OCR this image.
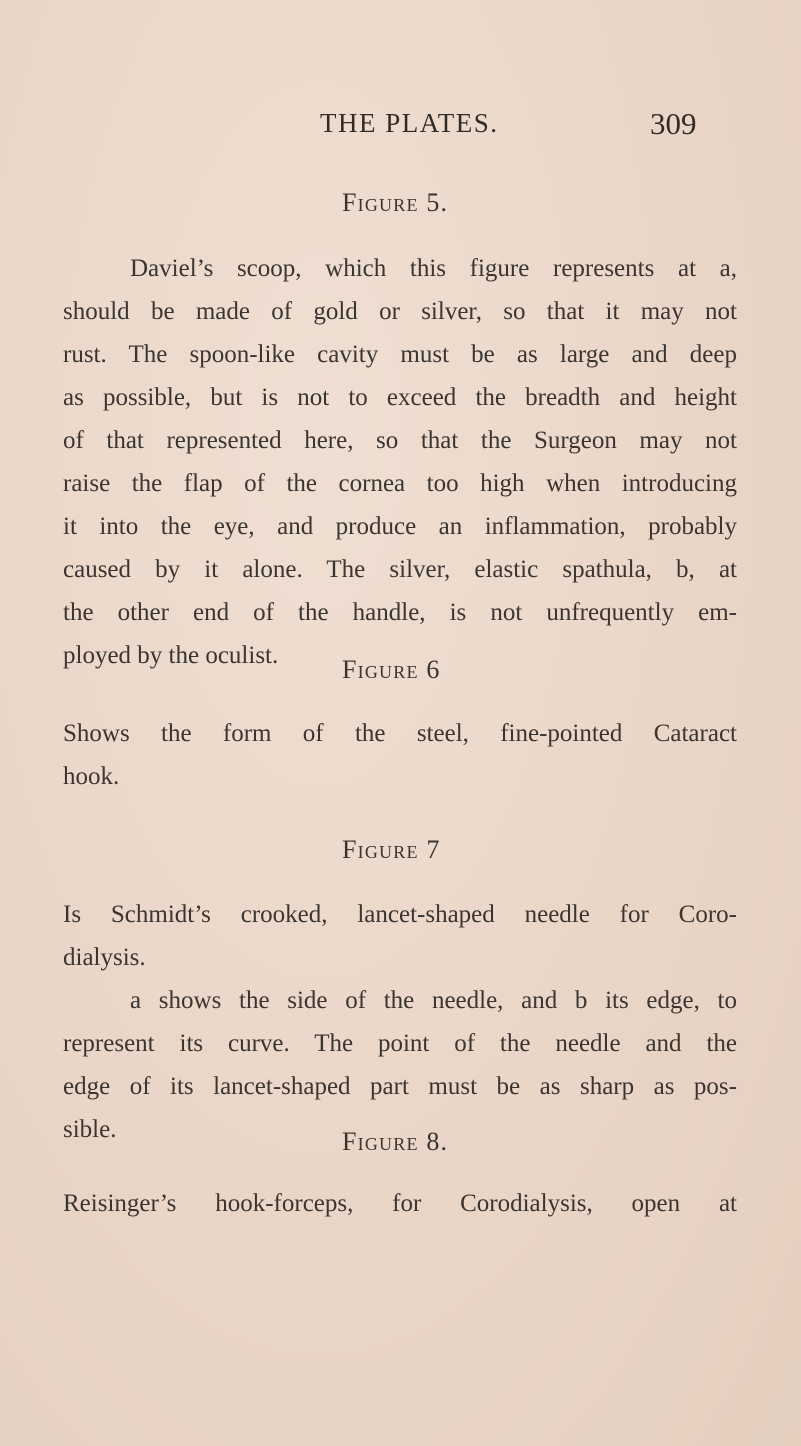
THE PLATES.	309
Figure 5.
Daviel’s scoop, which this figure represents at a,
should be made of gold or silver, so that it may not
rust. The spoon-like cavity must be as large and deep
as possible, but is not to exceed the breadth and height
of that represented here, so that the Surgeon may not
raise the flap of the cornea too high when introducing
it into the eye, and produce an inflammation, probably
caused by it alone. The silver, elastic spathula, b, at
the other end of the handle, is not unfrequently em-
ployed by the oculist.	Figure 6
Shows the form of the steel, fine-pointed Cataract
hook.
Figure 7
Is Schmidt’s crooked, lancet-shaped needle for Coro-
dialysis.
a shows the side of the needle, and b its edge, to
represent its curve. The point of the needle and the
edge of its lancet-shaped part must be as sharp as pos-
sible.	Figure 8.
Reisinger’s hook-forceps, for Corodialysis, open at
